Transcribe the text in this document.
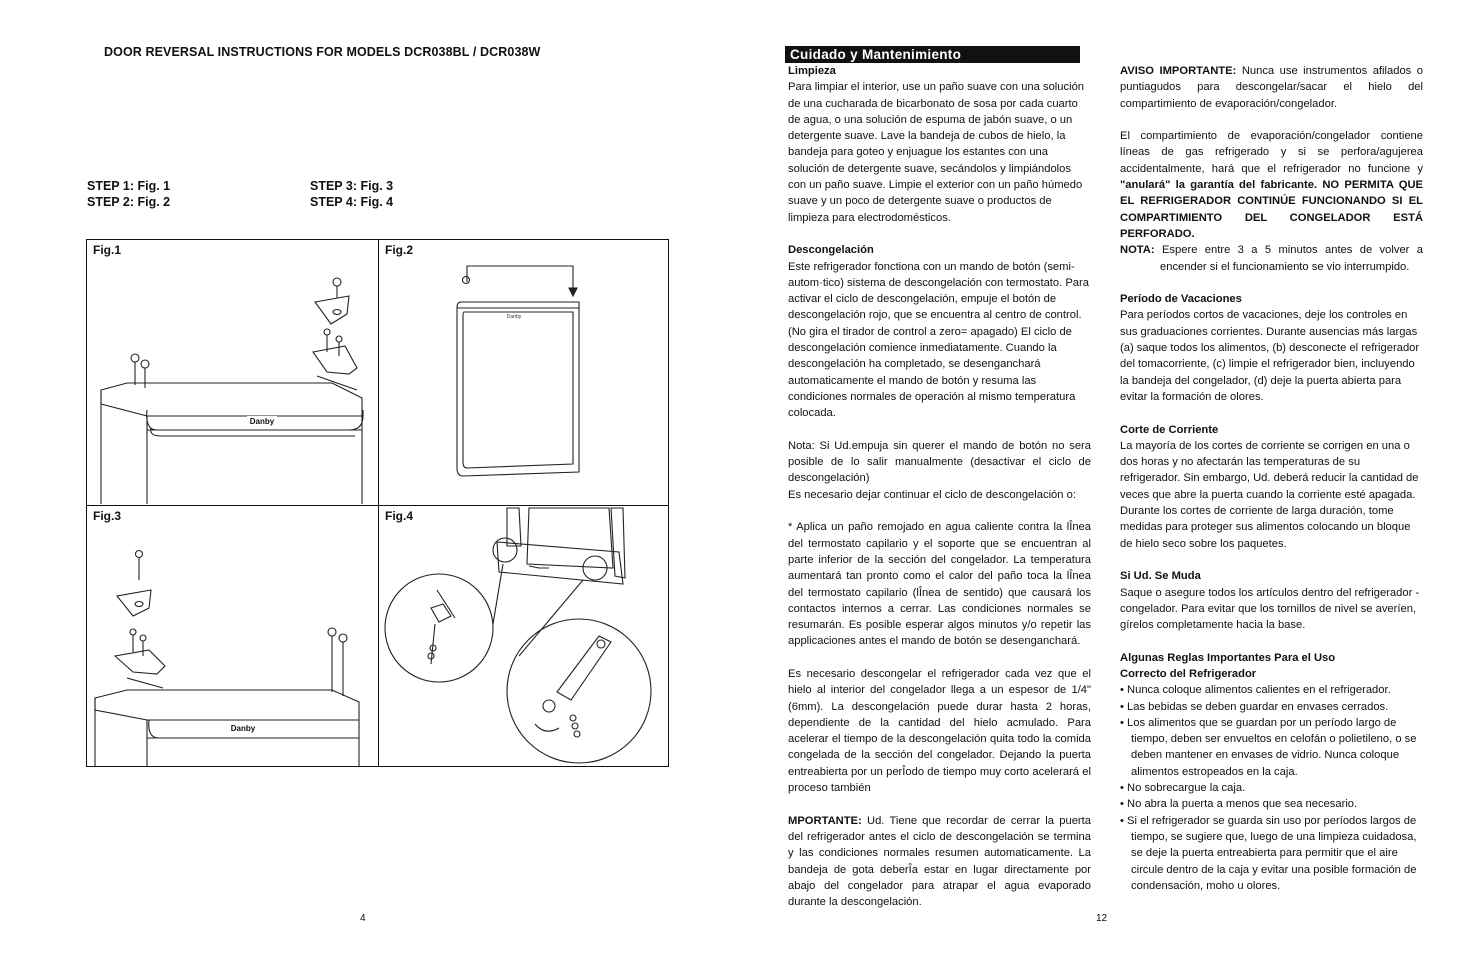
DOOR REVERSAL INSTRUCTIONS FOR MODELS DCR038BL / DCR038W
STEP 1: Fig. 1
STEP 2: Fig. 2
STEP 3: Fig. 3
STEP 4: Fig. 4
Fig.1
Danby
Fig.2
Danby
Fig.3
Danby
Fig.4
4
Cuidado y Mantenimiento
Limpieza

Para limpiar el interior, use un paño suave con una solución de una cucharada de bicarbonato de sosa por cada cuarto de agua, o una solución de espuma de jabón suave, o un detergente suave. Lave la bandeja de cubos de hielo, la bandeja para goteo y enjuague los estantes con una solución de detergente suave, secándolos y limpiándolos con un paño suave. Limpie el exterior con un paño húmedo suave y un poco de detergente suave o productos de limpieza para electrodomésticos.

Descongelación

Este refrigerador fonctiona con un mando de botón (semi-autom·tico) sistema de descongelación con termostato. Para activar el ciclo de descongelación, empuje el botón de descongelación rojo, que se encuentra al centro de control. (No gira el tirador de control a zero= apagado) El ciclo de descongelación comience inmediatamente. Cuando la descongelación ha completado, se desenganchará automaticamente el mando de botón y resuma las condiciones normales de operación al mismo temperatura colocada.

Nota: Si Ud.empuja sin querer el mando de botón no sera posible de lo salir manualmente (desactivar el ciclo de descongelación)

Es necesario dejar continuar el ciclo de descongelación o:

* Aplica un paño remojado en agua caliente contra la lÎnea del termostato capilario y el soporte que se encuentran al parte inferior de la sección del congelador. La temperatura aumentará tan pronto como el calor del paño toca la lÎnea del termostato capilario (lÎnea de sentido) que causará los contactos internos a cerrar. Las condiciones normales se resumarán. Es posible esperar algos minutos y/o repetir las applicaciones antes el mando de botón se desenganchará.

Es necesario descongelar el refrigerador cada vez que el hielo al interior del congelador llega a un espesor de 1/4" (6mm). La descongelación puede durar hasta 2 horas, dependiente de la cantidad del hielo acmulado. Para acelerar el tiempo de la descongelación quita todo la comida congelada de la sección del congelador. Dejando la puerta entreabierta por un perÎodo de tiempo muy corto acelerará el proceso también

MPORTANTE: Ud. Tiene que recordar de cerrar la puerta del refrigerador antes el ciclo de descongelación se termina y las condiciones normales resumen automaticamente. La bandeja de gota deberÎa estar en lugar directamente por abajo del congelador para atrapar el agua evaporado durante la descongelación.

AVISO IMPORTANTE: Nunca use instrumentos afilados o puntiagudos para descongelar/sacar el hielo del compartimiento de evaporación/congelador.

El compartimiento de evaporación/congelador contiene líneas de gas refrigerado y si se perfora/agujerea accidentalmente, hará que el refrigerador no funcione y "anulará" la garantía del fabricante. NO PERMITA QUE EL REFRIGERADOR CONTINÚE FUNCIONANDO SI EL COMPARTIMIENTO DEL CONGELADOR ESTÁ PERFORADO.

NOTA: Espere entre 3 a 5 minutos antes de volver a encender si el funcionamiento se vio interrumpido.

Período de Vacaciones

Para períodos cortos de vacaciones, deje los controles en sus graduaciones corrientes. Durante ausencias más largas (a) saque todos los alimentos, (b) desconecte el refrigerador del tomacorriente, (c) limpie el refrigerador bien, incluyendo la bandeja del congelador, (d) deje la puerta abierta para evitar la formación de olores.

Corte de Corriente
La mayoría de los cortes de corriente se corrigen en una o dos horas y no afectarán las temperaturas de su refrigerador. Sin embargo, Ud. deberá reducir la cantidad de veces que abre la puerta cuando la corriente esté apagada.

Durante los cortes de corriente de larga duración, tome medidas para proteger sus alimentos colocando un bloque de hielo seco sobre los paquetes.

Si Ud. Se Muda

Saque o asegure todos los artículos dentro del refrigerador - congelador. Para evitar que los tornillos de nivel se averíen, gírelos completamente hacia la base.

Algunas Reglas Importantes Para el Uso
Correcto del Refrigerador
• Nunca coloque alimentos calientes en el refrigerador.
• Las bebidas se deben guardar en envases cerrados.
• Los alimentos que se guardan por un período largo de tiempo, deben ser envueltos en celofán o polietileno, o se deben mantener en envases de vidrio. Nunca coloque alimentos estropeados en la caja.
• No sobrecargue la caja.
• No abra la puerta a menos que sea necesario.
• Si el refrigerador se guarda sin uso por períodos largos de tiempo, se sugiere que, luego de una limpieza cuidadosa, se deje la puerta entreabierta para permitir que el aire circule dentro de la caja y evitar una posible formación de condensación, moho u olores.
12
